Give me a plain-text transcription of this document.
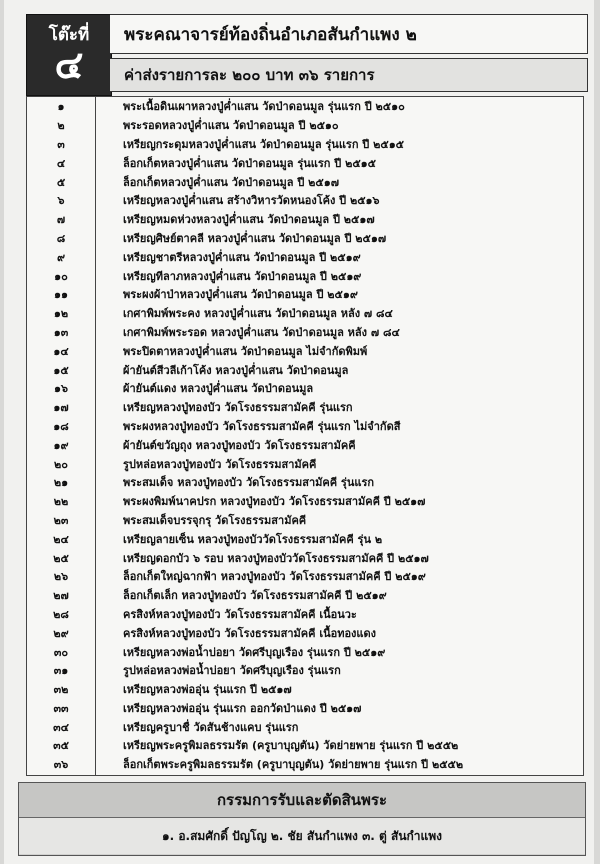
โต๊ะที่
๔
พระคณาจารย์ท้องถิ่นอำเภอสันกำแพง ๒
ค่าส่งรายการละ ๒๐๐ บาท ๓๖ รายการ
๑	พระเนื้อดินเผาหลวงปู่ค่ำแสน วัดป่าดอนมูล รุ่นแรก ปี ๒๕๑๐
๒	พระรอดหลวงปู่ค่ำแสน วัดป่าดอนมูล ปี ๒๕๑๐
๓	เหรียญกระดุมหลวงปู่ค่ำแสน วัดป่าดอนมูล รุ่นแรก ปี ๒๕๑๕
๔	ล็อกเก็ตหลวงปู่ค่ำแสน วัดป่าดอนมูล รุ่นแรก ปี ๒๕๑๕
๕	ล็อกเก็ตหลวงปู่ค่ำแสน วัดป่าดอนมูล ปี ๒๕๑๗
๖	เหรียญหลวงปู่ค่ำแสน สร้างวิหารวัดหนองโค้ง ปี ๒๕๑๖
๗	เหรียญหมดห่วงหลวงปู่ค่ำแสน วัดป่าดอนมูล ปี ๒๕๑๗
๘	เหรียญศิษย์ตาคลี หลวงปู่ค่ำแสน วัดป่าดอนมูล ปี ๒๕๑๗
๙	เหรียญชาตรีหลวงปู่ค่ำแสน วัดป่าดอนมูล ปี ๒๕๑๙
๑๐	เหรียญทีลาภหลวงปู่ค่ำแสน วัดป่าดอนมูล ปี ๒๕๑๙
๑๑	พระผงผ้าป่าหลวงปู่ค่ำแสน วัดป่าดอนมูล ปี ๒๕๑๙
๑๒	เกศาพิมพ์พระคง หลวงปู่ค่ำแสน วัดป่าดอนมูล หลัง ๗ ๘๔
๑๓	เกศาพิมพ์พระรอด หลวงปู่ค่ำแสน วัดป่าดอนมูล หลัง ๗ ๘๔
๑๔	พระปิดตาหลวงปู่ค่ำแสน วัดป่าดอนมูล ไม่จำกัดพิมพ์
๑๕	ผ้ายันต์สีวลีเก้าโค้ง หลวงปู่ค่ำแสน วัดป่าดอนมูล
๑๖	ผ้ายันต์แดง หลวงปู่ค่ำแสน วัดป่าดอนมูล
๑๗	เหรียญหลวงปู่ทองบัว วัดโรงธรรมสามัคคี รุ่นแรก
๑๘	พระผงหลวงปู่ทองบัว วัดโรงธรรมสามัคคี รุ่นแรก ไม่จำกัดสี
๑๙	ผ้ายันต์ขวัญถุง หลวงปู่ทองบัว วัดโรงธรรมสามัคคี
๒๐	รูปหล่อหลวงปู่ทองบัว วัดโรงธรรมสามัคคี
๒๑	พระสมเด็จ หลวงปู่ทองบัว วัดโรงธรรมสามัคคี รุ่นแรก
๒๒	พระผงพิมพ์นาคปรก หลวงปู่ทองบัว วัดโรงธรรมสามัคคี ปี ๒๕๑๗
๒๓	พระสมเด็จบรรจุกรุ วัดโรงธรรมสามัคคี
๒๔	เหรียญลายเซ็น หลวงปู่ทองบัววัดโรงธรรมสามัคคี รุ่น ๒
๒๕	เหรียญดอกบัว ๖ รอบ หลวงปู่ทองบัววัดโรงธรรมสามัคคี ปี ๒๕๑๗
๒๖	ล็อกเก็ตใหญ่ฉากฟ้า หลวงปู่ทองบัว วัดโรงธรรมสามัคคี ปี ๒๕๑๙
๒๗	ล็อกเก็ตเล็ก หลวงปู่ทองบัว วัดโรงธรรมสามัคคี ปี ๒๕๑๙
๒๘	ครสิงห์หลวงปู่ทองบัว วัดโรงธรรมสามัคคี เนื้อนวะ
๒๙	ครสิงห์หลวงปู่ทองบัว วัดโรงธรรมสามัคคี เนื้อทองแดง
๓๐	เหรียญหลวงพ่อน้ำบ่อยา วัดศรีบุญเรือง รุ่นแรก ปี ๒๕๑๙
๓๑	รูปหล่อหลวงพ่อน้ำบ่อยา วัดศรีบุญเรือง รุ่นแรก
๓๒	เหรียญหลวงพ่ออุ่น รุ่นแรก ปี ๒๕๑๗
๓๓	เหรียญหลวงพ่ออุ่น รุ่นแรก ออกวัดป่าแดง ปี ๒๕๑๗
๓๔	เหรียญครูบาชื่ วัดสันช้างแคบ รุ่นแรก
๓๕	เหรียญพระครูพิมลธรรมรัต (ครูบาบุญตัน) วัดย่ายพาย รุ่นแรก ปี ๒๕๕๒
๓๖	ล็อกเก็ตพระครูพิมลธรรมรัต (ครูบาบุญตัน) วัดย่ายพาย รุ่นแรก ปี ๒๕๕๒
กรรมการรับและตัดสินพระ
๑. อ.สมศักดิ์ ปัญโญ ๒. ชัย สันกำแพง ๓. ตู่ สันกำแพง
